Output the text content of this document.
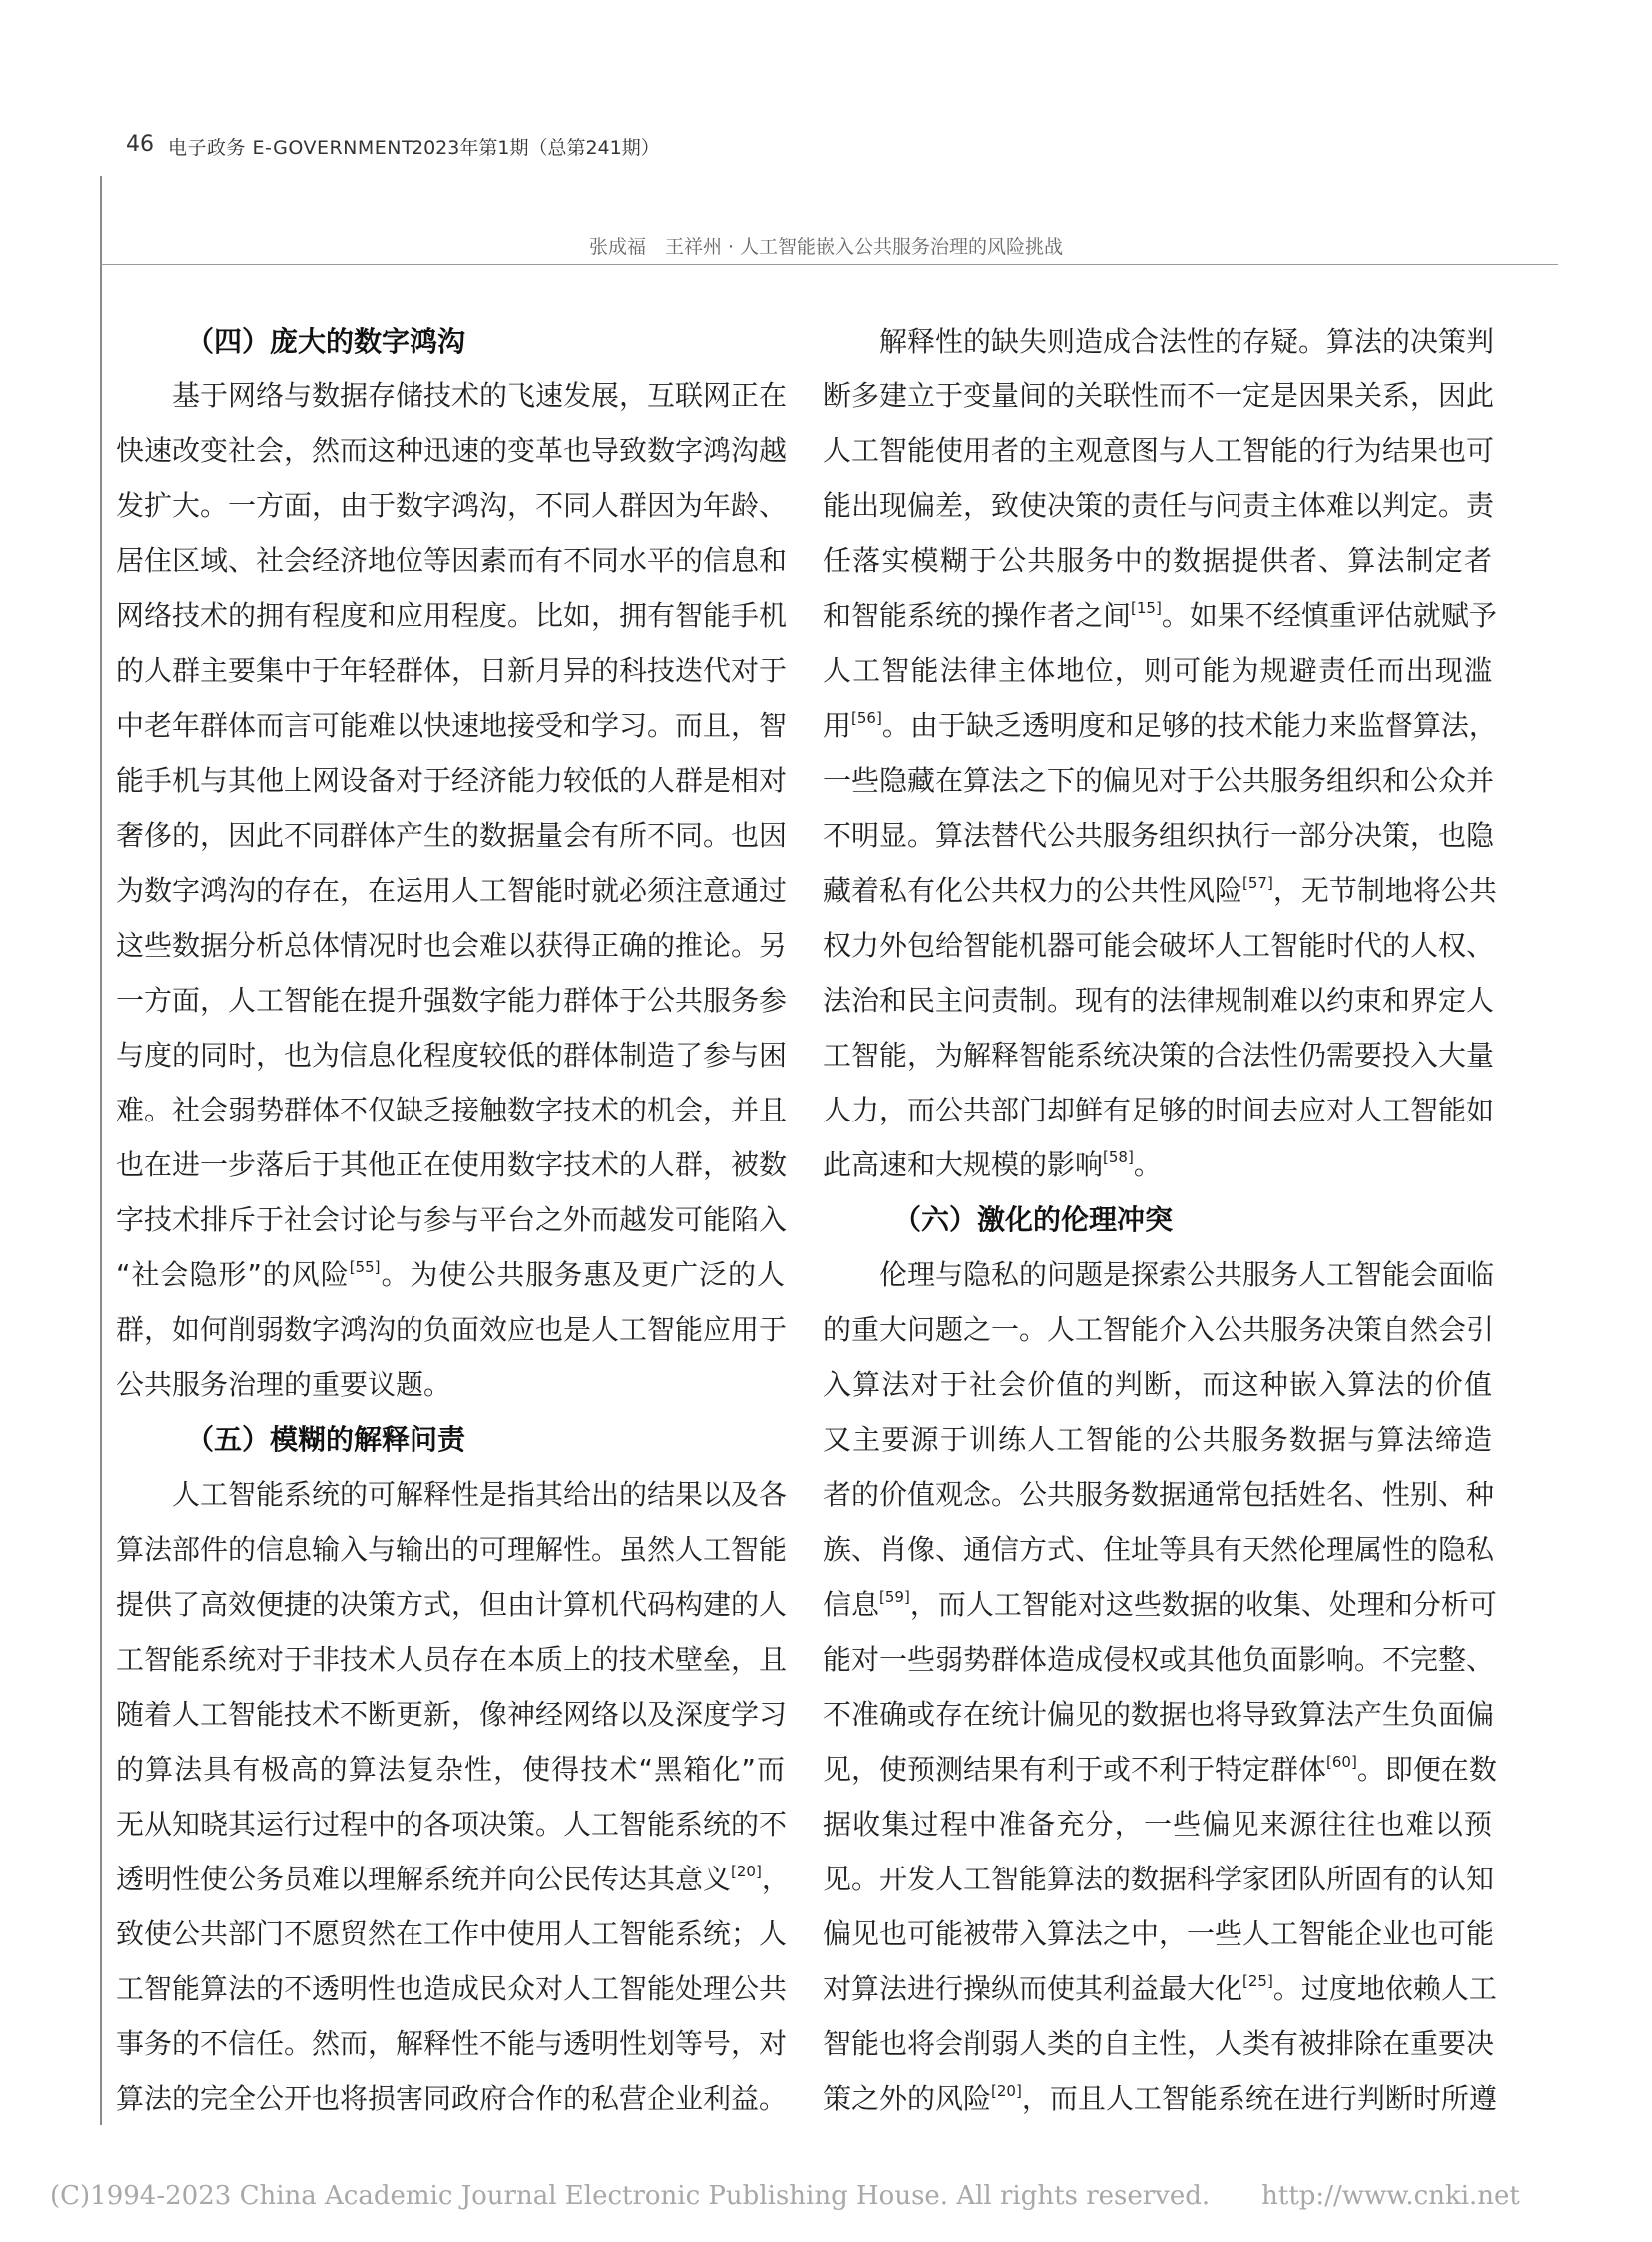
46 电子政务 E-GOVERNMENT
2023年第1期（总第241期）
张成福　王祥州 · 人工智能嵌入公共服务治理的风险挑战
（四）庞大的数字鸿沟
基于网络与数据存储技术的飞速发展，互联网正在
快速改变社会，然而这种迅速的变革也导致数字鸿沟越
发扩大。一方面，由于数字鸿沟，不同人群因为年龄、
居住区域、社会经济地位等因素而有不同水平的信息和
网络技术的拥有程度和应用程度。比如，拥有智能手机
的人群主要集中于年轻群体，日新月异的科技迭代对于
中老年群体而言可能难以快速地接受和学习。而且，智
能手机与其他上网设备对于经济能力较低的人群是相对
奢侈的，因此不同群体产生的数据量会有所不同。也因
为数字鸿沟的存在，在运用人工智能时就必须注意通过
这些数据分析总体情况时也会难以获得正确的推论。另
一方面，人工智能在提升强数字能力群体于公共服务参
与度的同时，也为信息化程度较低的群体制造了参与困
难。社会弱势群体不仅缺乏接触数字技术的机会，并且
也在进一步落后于其他正在使用数字技术的人群，被数
字技术排斥于社会讨论与参与平台之外而越发可能陷入
“社会隐形”的风险[55]。为使公共服务惠及更广泛的人
群，如何削弱数字鸿沟的负面效应也是人工智能应用于
公共服务治理的重要议题。
（五）模糊的解释问责
人工智能系统的可解释性是指其给出的结果以及各
算法部件的信息输入与输出的可理解性。虽然人工智能
提供了高效便捷的决策方式，但由计算机代码构建的人
工智能系统对于非技术人员存在本质上的技术壁垒，且
随着人工智能技术不断更新，像神经网络以及深度学习
的算法具有极高的算法复杂性，使得技术“黑箱化”而
无从知晓其运行过程中的各项决策。人工智能系统的不
透明性使公务员难以理解系统并向公民传达其意义[20]，
致使公共部门不愿贸然在工作中使用人工智能系统；人
工智能算法的不透明性也造成民众对人工智能处理公共
事务的不信任。然而，解释性不能与透明性划等号，对
算法的完全公开也将损害同政府合作的私营企业利益。
解释性的缺失则造成合法性的存疑。算法的决策判
断多建立于变量间的关联性而不一定是因果关系，因此
人工智能使用者的主观意图与人工智能的行为结果也可
能出现偏差，致使决策的责任与问责主体难以判定。责
任落实模糊于公共服务中的数据提供者、算法制定者
和智能系统的操作者之间[15]。如果不经慎重评估就赋予
人工智能法律主体地位，则可能为规避责任而出现滥
用[56]。由于缺乏透明度和足够的技术能力来监督算法，
一些隐藏在算法之下的偏见对于公共服务组织和公众并
不明显。算法替代公共服务组织执行一部分决策，也隐
藏着私有化公共权力的公共性风险[57]，无节制地将公共
权力外包给智能机器可能会破坏人工智能时代的人权、
法治和民主问责制。现有的法律规制难以约束和界定人
工智能，为解释智能系统决策的合法性仍需要投入大量
人力，而公共部门却鲜有足够的时间去应对人工智能如
此高速和大规模的影响[58]。
（六）激化的伦理冲突
伦理与隐私的问题是探索公共服务人工智能会面临
的重大问题之一。人工智能介入公共服务决策自然会引
入算法对于社会价值的判断，而这种嵌入算法的价值
又主要源于训练人工智能的公共服务数据与算法缔造
者的价值观念。公共服务数据通常包括姓名、性别、种
族、肖像、通信方式、住址等具有天然伦理属性的隐私
信息[59]，而人工智能对这些数据的收集、处理和分析可
能对一些弱势群体造成侵权或其他负面影响。不完整、
不准确或存在统计偏见的数据也将导致算法产生负面偏
见，使预测结果有利于或不利于特定群体[60]。即便在数
据收集过程中准备充分，一些偏见来源往往也难以预
见。开发人工智能算法的数据科学家团队所固有的认知
偏见也可能被带入算法之中，一些人工智能企业也可能
对算法进行操纵而使其利益最大化[25]。过度地依赖人工
智能也将会削弱人类的自主性，人类有被排除在重要决
策之外的风险[20]，而且人工智能系统在进行判断时所遵
(C)1994-2023 China Academic Journal Electronic Publishing House. All rights reserved.　　http://www.cnki.net
